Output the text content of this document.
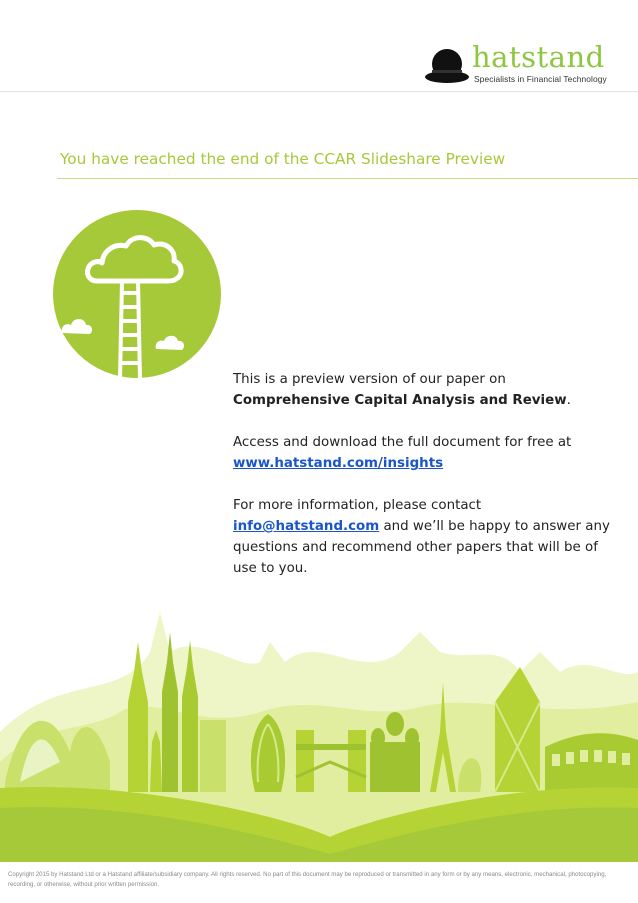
hatstand
Specialists in Financial Technology
You have reached the end of the CCAR Slideshare Preview

This is a preview version of our paper on Comprehensive Capital Analysis and Review.

Access and download the full document for free at www.hatstand.com/insights

For more information, please contact info@hatstand.com and we’ll be happy to answer any questions and recommend other papers that will be of use to you.

Copyright 2015 by Hatstand Ltd or a Hatstand affiliate/subsidiary company. All rights reserved. No part of this document may be reproduced or transmitted in any form or by any means, electronic, mechanical, photocopying, recording, or otherwise, without prior written permission.
